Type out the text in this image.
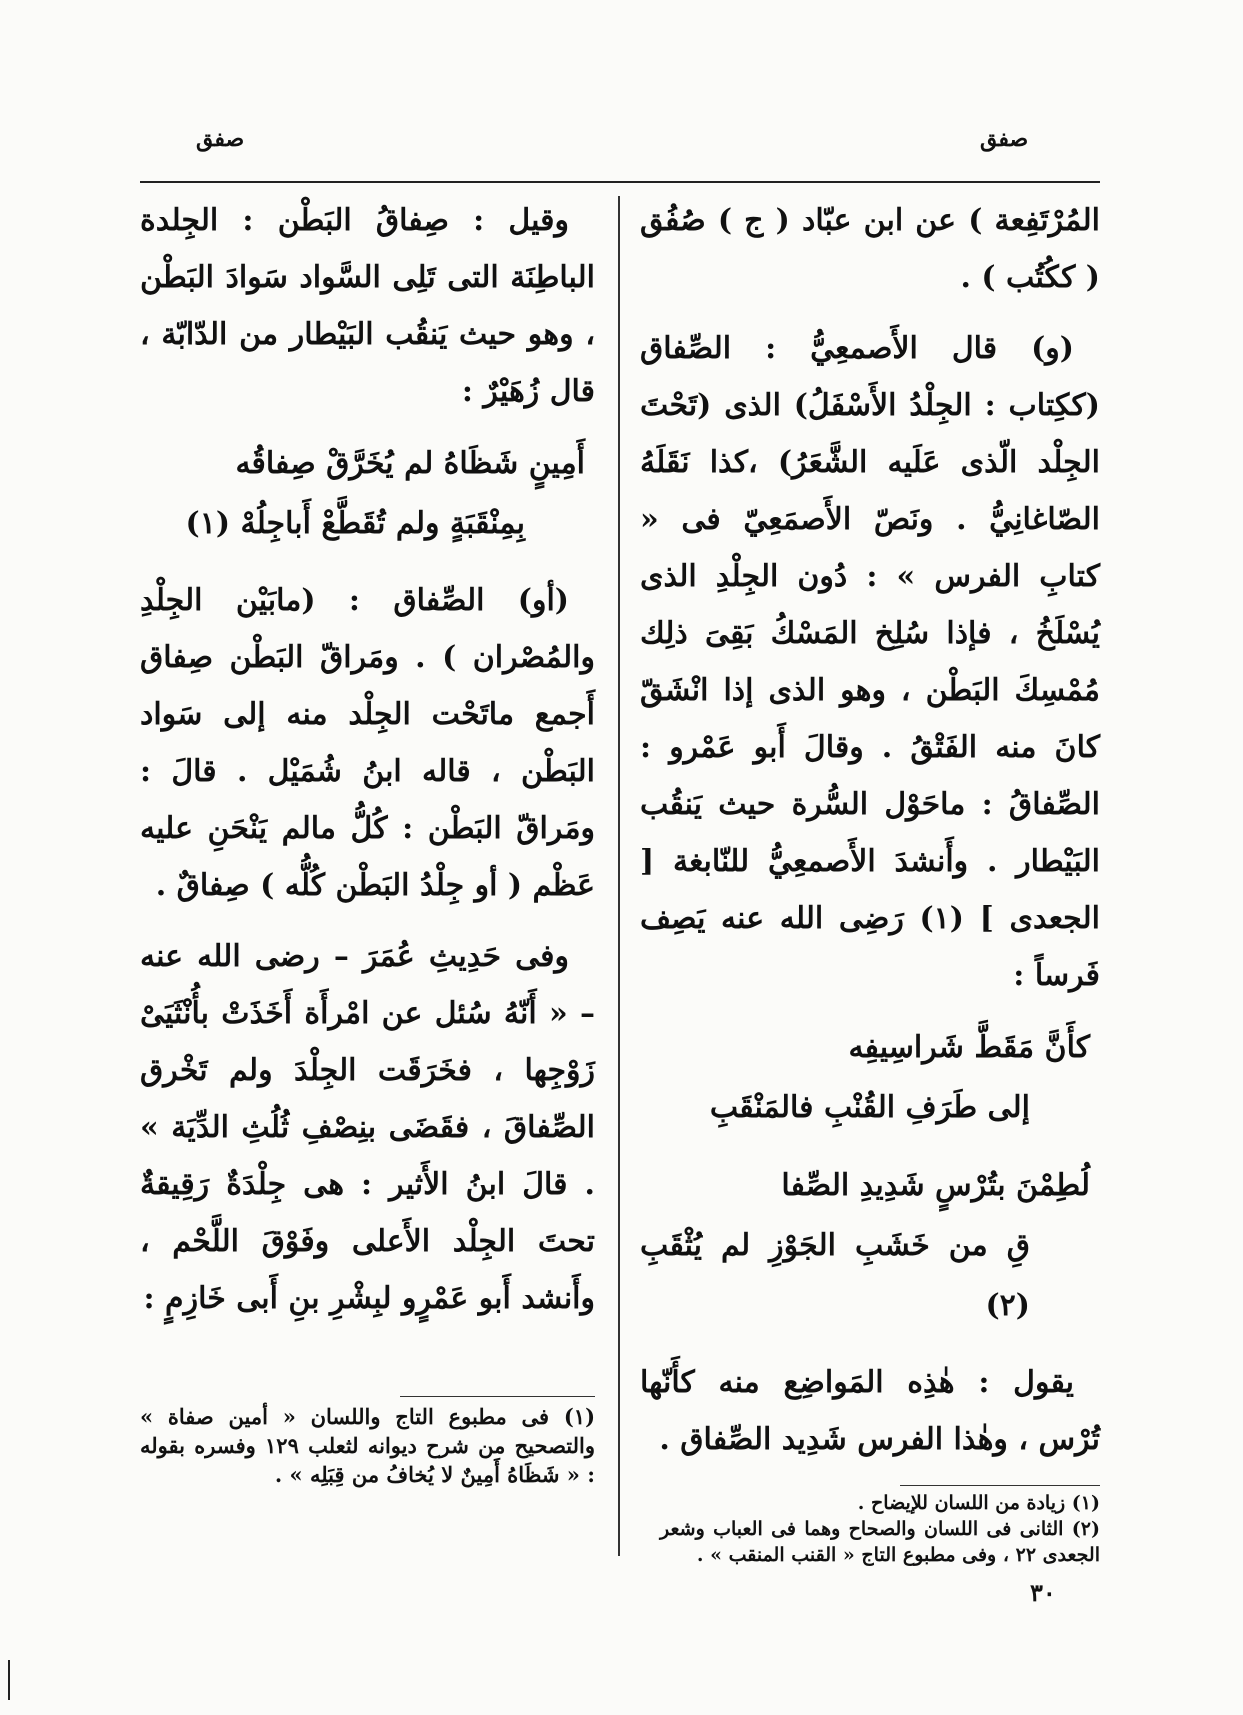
صفق
صفق

المُرْتَفِعة ) عن ابن عبّاد ( ج ) صُفُق ( ككُتُب ) .

(و) قال الأَصمعِيُّ : الصِّفاق (ككِتاب : الجِلْدُ الأَسْفَلُ) الذى (تَحْتَ الجِلْد الّذى عَلَيه الشَّعَرُ) ،كذا نَقَلَهُ الصّاغانِيُّ . ونَصّ الأَصمَعِيّ فى « كتابِ الفرس » : دُون الجِلْدِ الذى يُسْلَخُ ، فإذا سُلِخ المَسْكُ بَقِىَ ذلِك مُمْسِكَ البَطْن ، وهو الذى إذا انْشَقّ كانَ منه الفَتْقُ . وقالَ أَبو عَمْرو : الصِّفاقُ : ماحَوْل السُّرة حيث يَنقُب البَيْطار . وأَنشدَ الأَصمعِيُّ للنّابغة [ الجعدى ] (١) رَضِى الله عنه يَصِف فَرساً :

كأَنَّ مَقَطَّ شَراسِيفِه
إلى طَرَفِ القُنْبِ فالمَنْقَبِ
لُطِمْنَ بتُرْسٍ شَدِيدِ الصِّفا
قِ من خَشَبِ الجَوْزِ لم يُثْقَبِ (٢)

يقول : هٰذِه المَواضِع منه كأَنّها تُرْس ، وهٰذا الفرس شَدِيد الصِّفاق .

وقيل : صِفاقُ البَطْن : الجِلدة الباطِنَة التى تَلِى السَّواد سَوادَ البَطْن ، وهو حيث يَنقُب البَيْطار من الدّابّة ، قال زُهَيْرٌ :

أَمِينٍ شَظَاهُ لم يُخَرَّقْ صِفاقُه
بِمِنْقَبَةٍ ولم تُقَطَّعْ أَباجِلُهْ (١)

(أو) الصِّفاق : (مابَيْن الجِلْدِ والمُصْران ) . ومَراقّ البَطْن صِفاق أَجمع ماتَحْت الجِلْد منه إلى سَواد البَطْن ، قاله ابنُ شُمَيْل . قالَ : ومَراقّ البَطْن : كُلُّ مالم يَنْحَنِ عليه عَظْم ( أو جِلْدُ البَطْن كُلُّه ) صِفاقٌ .

وفى حَدِيثِ عُمَرَ – رضى الله عنه – « أَنّهُ سُئل عن امْرأَة أَخَذَتْ بأُنْثَيَىْ زَوْجِها ، فخَرَقَت الجِلْدَ ولم تَخْرق الصِّفاقَ ، فقَضَى بنِصْفِ ثُلُثِ الدِّيَة » . قالَ ابنُ الأَثير : هى جِلْدَةٌ رَقِيقةٌ تحتَ الجِلْد الأَعلى وفَوْقَ اللَّحْم ، وأَنشد أَبو عَمْرٍو لبِشْرِ بنِ أَبى خَازِمٍ :

(١) فى مطبوع التاج واللسان « أمين صفاة » والتصحيح من شرح ديوانه لثعلب ١٢٩ وفسره بقوله : « شَظَاهُ أَمِينٌ لا يُخافُ من قِبَلِه » .
(١) زيادة من اللسان للإيضاح .
(٢) الثانى فى اللسان والصحاح وهما فى العباب وشعر الجعدى ٢٢ ، وفى مطبوع التاج « القنب المنقب » .
٣٠
